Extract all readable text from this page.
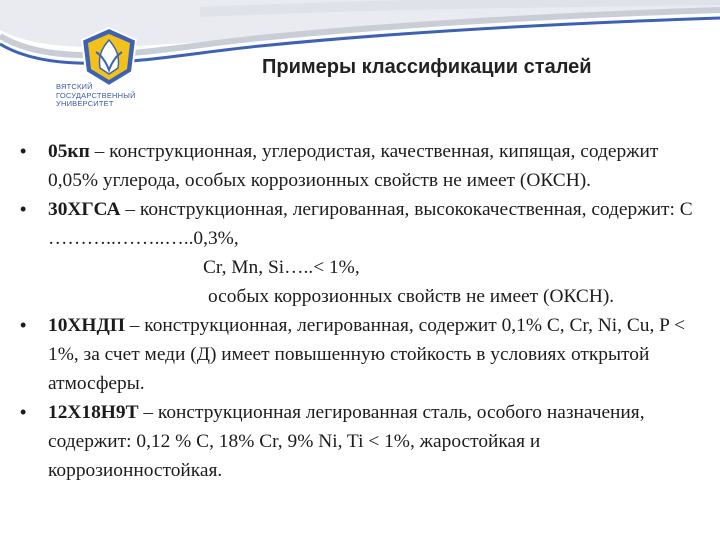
ВЯТСКИЙ
ГОСУДАРСТВЕННЫЙ
УНИВЕРСИТЕТ
Примеры классификации сталей
• 05кп – конструкционная, углеродистая, качественная, кипящая, содержит 0,05% углерода, особых коррозионных свойств не имеет (ОКСН).
• 30ХГСА – конструкционная, легированная, высококачественная, содержит: С ………..……..…..0,3%,
Cr, Mn, Si…..< 1%,
особых коррозионных свойств не имеет (ОКСН).
• 10ХНДП – конструкционная, легированная, содержит 0,1% С, Cr, Ni, Cu, P < 1%, за счет меди (Д) имеет повышенную стойкость в условиях открытой атмосферы.
• 12Х18Н9Т – конструкционная легированная сталь, особого назначения, содержит: 0,12 % С, 18% Cr, 9% Ni, Ti < 1%, жаростойкая и коррозионностойкая.
